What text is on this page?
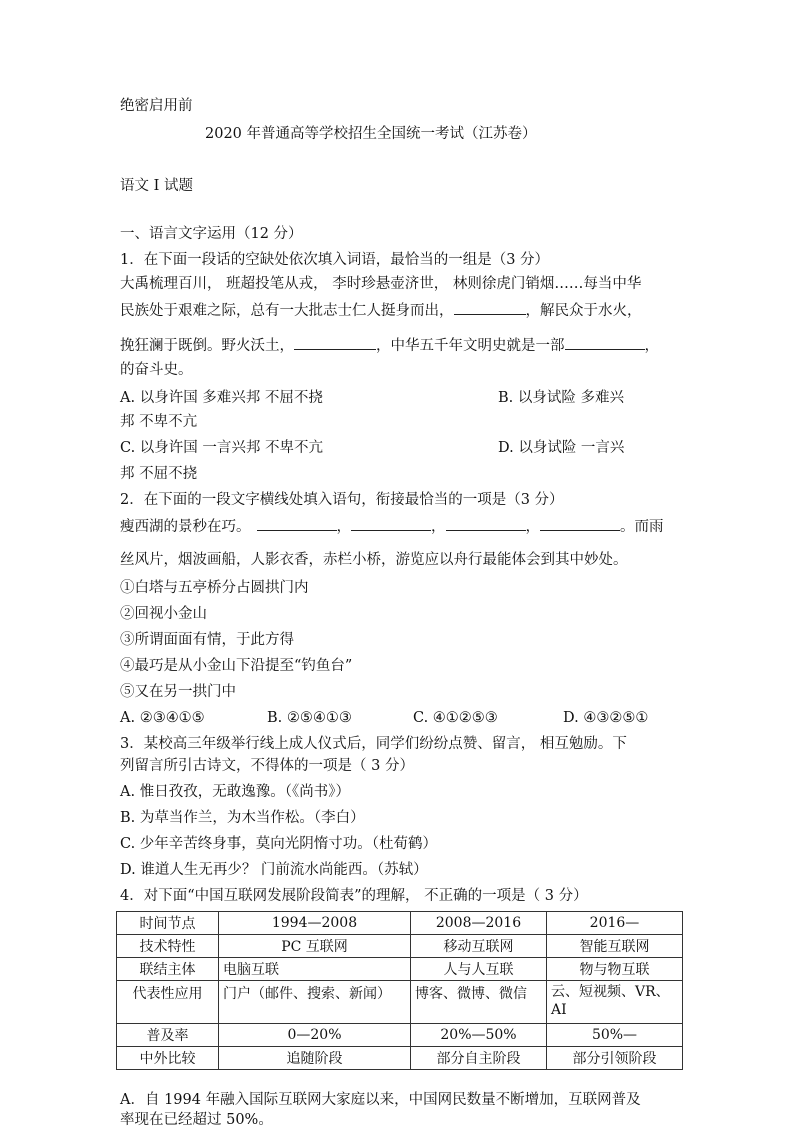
绝密启用前
2020 年普通高等学校招生全国统一考试（江苏卷）
语文 I 试题
一、语言文字运用（12 分）
1．在下面一段话的空缺处依次填入词语，最恰当的一组是（3 分）
大禹梳理百川， 班超投笔从戎， 李时珍悬壶济世， 林则徐虎门销烟……每当中华
民族处于艰难之际，总有一大批志士仁人挺身而出，	，解民众于水火，
挽狂澜于既倒。野火沃土，	，中华五千年文明史就是一部	，
的奋斗史。
A. 以身许国 多难兴邦 不屈不挠	B. 以身试险 多难兴
邦 不卑不亢
C. 以身许国 一言兴邦 不卑不亢	D. 以身试险 一言兴
邦 不屈不挠
2．在下面的一段文字横线处填入语句，衔接最恰当的一项是（3 分）
瘦西湖的景秒在巧。	，	，	，	。而雨
丝风片，烟波画船，人影衣香，赤栏小桥，游览应以舟行最能体会到其中妙处。
①白塔与五亭桥分占圆拱门内
②回视小金山
③所谓面面有情，于此方得
④最巧是从小金山下沿提至“钓鱼台”
⑤又在另一拱门中
A. ②③④①⑤	B. ②⑤④①③	C. ④①②⑤③	D. ④③②⑤①
3．某校高三年级举行线上成人仪式后，同学们纷纷点赞、留言， 相互勉励。下
列留言所引古诗文，不得体的一项是（ 3 分）
A. 惟日孜孜，无敢逸豫。（《尚书》）
B. 为草当作兰，为木当作松。（李白）
C. 少年辛苦终身事，莫向光阴惰寸功。（杜荀鹤）
D. 谁道人生无再少？ 门前流水尚能西。（苏轼）
4．对下面“中国互联网发展阶段简表”的理解， 不正确的一项是（ 3 分）
时间节点	1994—2008	2008—2016	2016—
技术特性	PC 互联网	移动互联网	智能互联网
联结主体	电脑互联	人与人互联	物与物互联
代表性应用	门户（邮件、搜索、新闻）	博客、微博、微信	云、短视频、VR、AI
普及率	0—20%	20%—50%	50%—
中外比较	追随阶段	部分自主阶段	部分引领阶段
A．自 1994 年融入国际互联网大家庭以来，中国网民数量不断增加，互联网普及
率现在已经超过 50%。
